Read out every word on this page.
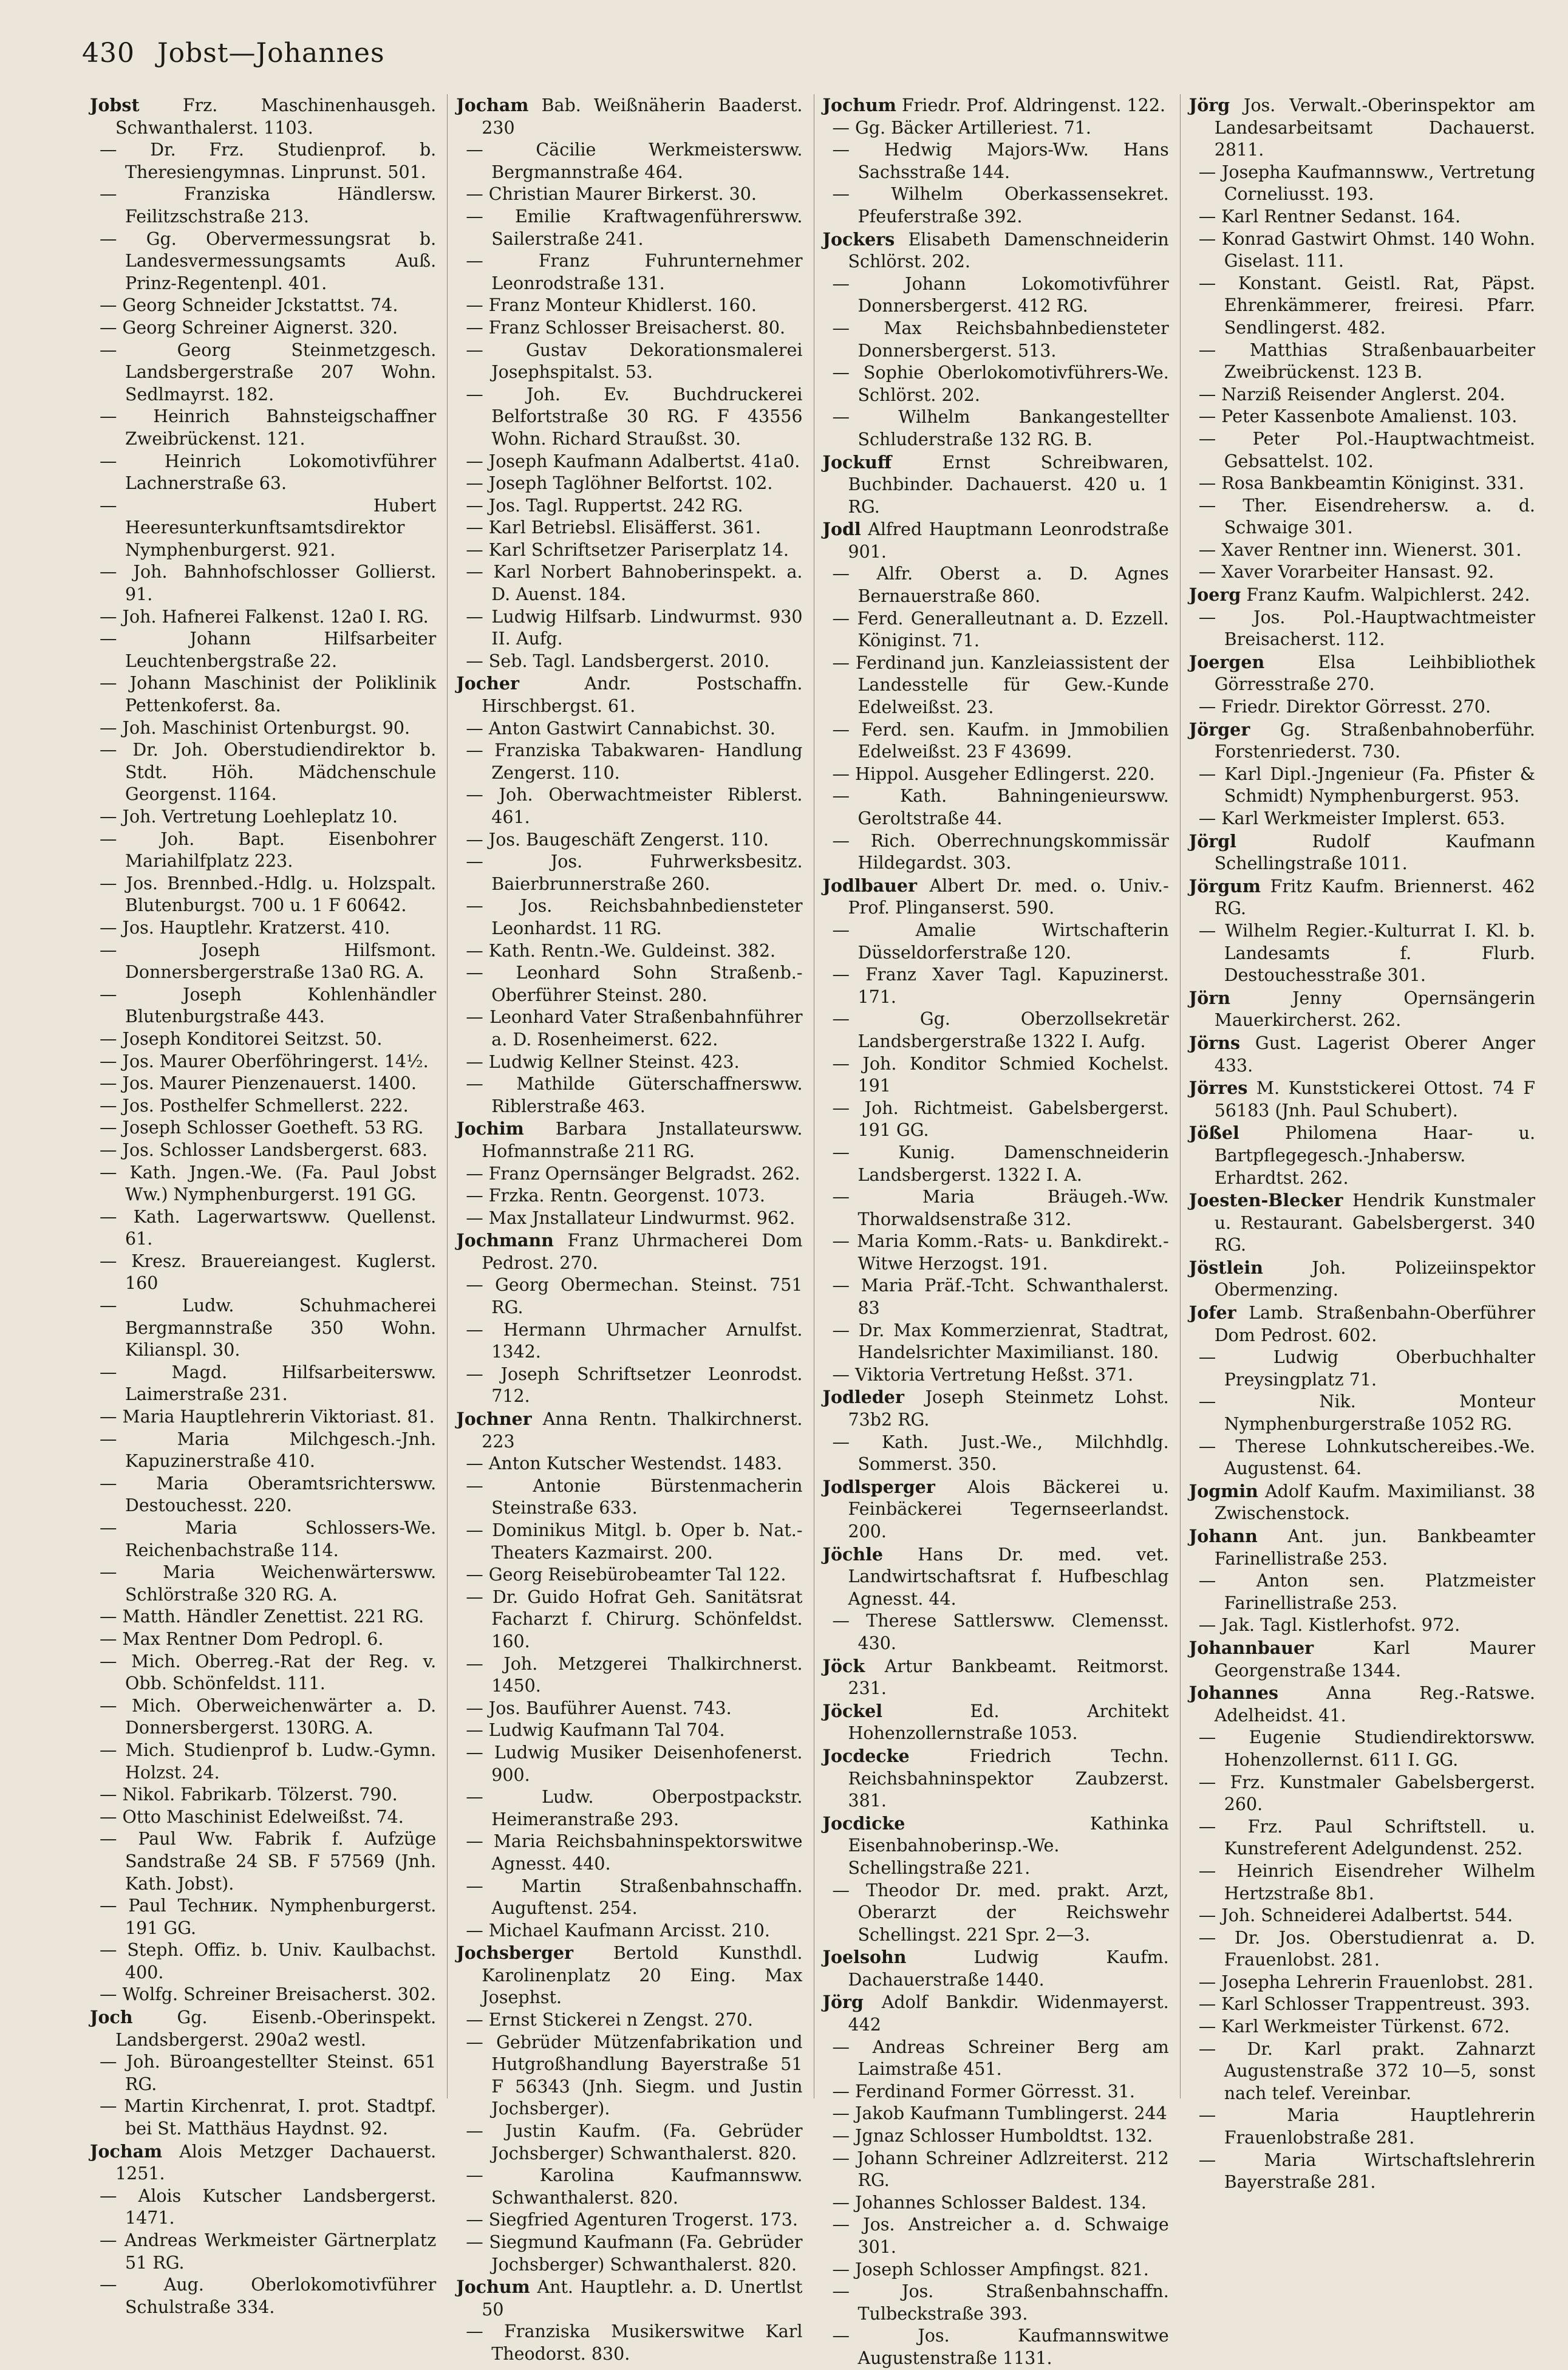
430 Jobst—Johannes

Jobst Frz. Maschinenhausgeh. Schwanthalerst. 1103.

— Dr. Frz. Studienprof. b. Theresiengymnas. Linprunst. 501.

— Franziska Händlersw. Feilitzschstraße 213.

— Gg. Obervermessungsrat b. Landesvermessungsamts Auß. Prinz-Regentenpl. 401.

— Georg Schneider Jckstattst. 74.

— Georg Schreiner Aignerst. 320.

— Georg Steinmetzgesch. Landsbergerstraße 207 Wohn. Sedlmayrst. 182.

— Heinrich Bahnsteigschaffner Zweibrückenst. 121.

— Heinrich Lokomotivführer Lachnerstraße 63.

— Hubert Heeresunterkunftsamtsdirektor Nymphenburgerst. 921.

— Joh. Bahnhofschlosser Gollierst. 91.

— Joh. Hafnerei Falkenst. 12a0 I. RG.

— Johann Hilfsarbeiter Leuchtenbergstraße 22.

— Johann Maschinist der Poliklinik Pettenkoferst. 8a.

— Joh. Maschinist Ortenburgst. 90.

— Dr. Joh. Oberstudiendirektor b. Stdt. Höh. Mädchenschule Georgenst. 1164.

— Joh. Vertretung Loehleplatz 10.

— Joh. Bapt. Eisenbohrer Mariahilfplatz 223.

— Jos. Brennbed.-Hdlg. u. Holzspalt. Blutenburgst. 700 u. 1 F 60642.

— Jos. Hauptlehr. Kratzerst. 410.

— Joseph Hilfsmont. Donnersbergerstraße 13a0 RG. A.

— Joseph Kohlenhändler Blutenburgstraße 443.

— Joseph Konditorei Seitzst. 50.

— Jos. Maurer Oberföhringerst. 14½.

— Jos. Maurer Pienzenauerst. 1400.

— Jos. Posthelfer Schmellerst. 222.

— Joseph Schlosser Goetheft. 53 RG.

— Jos. Schlosser Landsbergerst. 683.

— Kath. Jngen.-We. (Fa. Paul Jobst Ww.) Nymphenburgerst. 191 GG.

— Kath. Lagerwartsww. Quellenst. 61.

— Kresz. Brauereiangest. Kuglerst. 160

— Ludw. Schuhmacherei Bergmannstraße 350 Wohn. Kilianspl. 30.

— Magd. Hilfsarbeitersww. Laimerstraße 231.

— Maria Hauptlehrerin Viktoriast. 81.

— Maria Milchgesch.-Jnh. Kapuzinerstraße 410.

— Maria Oberamtsrichtersww. Destouchesst. 220.

— Maria Schlossers-We. Reichenbachstraße 114.

— Maria Weichenwärtersww. Schlörstraße 320 RG. A.

— Matth. Händler Zenettist. 221 RG.

— Max Rentner Dom Pedropl. 6.

— Mich. Oberreg.-Rat der Reg. v. Obb. Schönfeldst. 111.

— Mich. Oberweichenwärter a. D. Donnersbergerst. 130RG. A.

— Mich. Studienprof b. Ludw.-Gymn. Holzst. 24.

— Nikol. Fabrikarb. Tölzerst. 790.

— Otto Maschinist Edelweißst. 74.

— Paul Ww. Fabrik f. Aufzüge Sandstraße 24 SB. F 57569 (Jnh. Kath. Jobst).

— Paul Techник. Nymphenburgerst. 191 GG.

— Steph. Offiz. b. Univ. Kaulbachst. 400.

— Wolfg. Schreiner Breisacherst. 302.

Joch Gg. Eisenb.-Oberinspekt. Landsbergerst. 290a2 westl.

— Joh. Büroangestellter Steinst. 651 RG.

— Martin Kirchenrat, I. prot. Stadtpf. bei St. Matthäus Haydnst. 92.

Jocham Alois Metzger Dachauerst. 1251.

— Alois Kutscher Landsbergerst. 1471.

— Andreas Werkmeister Gärtnerplatz 51 RG.

— Aug. Oberlokomotivführer Schulstraße 334.

Jocham Bab. Weißnäherin Baaderst. 230

— Cäcilie Werkmeistersww. Bergmannstraße 464.

— Christian Maurer Birkerst. 30.

— Emilie Kraftwagenführersww. Sailerstraße 241.

— Franz Fuhrunternehmer Leonrodstraße 131.

— Franz Monteur Khidlerst. 160.

— Franz Schlosser Breisacherst. 80.

— Gustav Dekorationsmalerei Josephspitalst. 53.

— Joh. Ev. Buchdruckerei Belfortstraße 30 RG. F 43556 Wohn. Richard Straußst. 30.

— Joseph Kaufmann Adalbertst. 41a0.

— Joseph Taglöhner Belfortst. 102.

— Jos. Tagl. Ruppertst. 242 RG.

— Karl Betriebsl. Elisäfferst. 361.

— Karl Schriftsetzer Pariserplatz 14.

— Karl Norbert Bahnoberinspekt. a. D. Auenst. 184.

— Ludwig Hilfsarb. Lindwurmst. 930 II. Aufg.

— Seb. Tagl. Landsbergerst. 2010.

Jocher Andr. Postschaffn. Hirschbergst. 61.

— Anton Gastwirt Cannabichst. 30.

— Franziska Tabakwaren- Handlung Zengerst. 110.

— Joh. Oberwachtmeister Riblerst. 461.

— Jos. Baugeschäft Zengerst. 110.

— Jos. Fuhrwerksbesitz. Baierbrunnerstraße 260.

— Jos. Reichsbahnbediensteter Leonhardst. 11 RG.

— Kath. Rentn.-We. Guldeinst. 382.

— Leonhard Sohn Straßenb.-Oberführer Steinst. 280.

— Leonhard Vater Straßenbahnführer a. D. Rosenheimerst. 622.

— Ludwig Kellner Steinst. 423.

— Mathilde Güterschaffnersww. Riblerstraße 463.

Jochim Barbara Jnstallateursww. Hofmannstraße 211 RG.

— Franz Opernsänger Belgradst. 262.

— Frzka. Rentn. Georgenst. 1073.

— Max Jnstallateur Lindwurmst. 962.

Jochmann Franz Uhrmacherei Dom Pedrost. 270.

— Georg Obermechan. Steinst. 751 RG.

— Hermann Uhrmacher Arnulfst. 1342.

— Joseph Schriftsetzer Leonrodst. 712.

Jochner Anna Rentn. Thalkirchnerst. 223

— Anton Kutscher Westendst. 1483.

— Antonie Bürstenmacherin Steinstraße 633.

— Dominikus Mitgl. b. Oper b. Nat.-Theaters Kazmairst. 200.

— Georg Reisebürobeamter Tal 122.

— Dr. Guido Hofrat Geh. Sanitätsrat Facharzt f. Chirurg. Schönfeldst. 160.

— Joh. Metzgerei Thalkirchnerst. 1450.

— Jos. Bauführer Auenst. 743.

— Ludwig Kaufmann Tal 704.

— Ludwig Musiker Deisenhofenerst. 900.

— Ludw. Oberpostpackstr. Heimeranstraße 293.

— Maria Reichsbahninspektorswitwe Agnesst. 440.

— Martin Straßenbahnschaffn. Auguftenst. 254.

— Michael Kaufmann Arcisst. 210.

Jochsberger Bertold Kunsthdl. Karolinenplatz 20 Eing. Max Josephst.

— Ernst Stickerei n Zengst. 270.

— Gebrüder Mützenfabrikation und Hutgroßhandlung Bayerstraße 51 F 56343 (Jnh. Siegm. und Justin Jochsberger).

— Justin Kaufm. (Fa. Gebrüder Jochsberger) Schwanthalerst. 820.

— Karolina Kaufmannsww. Schwanthalerst. 820.

— Siegfried Agenturen Trogerst. 173.

— Siegmund Kaufmann (Fa. Gebrüder Jochsberger) Schwanthalerst. 820.

Jochum Ant. Hauptlehr. a. D. Unertlst 50

— Franziska Musikerswitwe Karl Theodorst. 830.

Jochum Friedr. Prof. Aldringenst. 122.

— Gg. Bäcker Artilleriest. 71.

— Hedwig Majors-Ww. Hans Sachsstraße 144.

— Wilhelm Oberkassensekret. Pfeuferstraße 392.

Jockers Elisabeth Damenschneiderin Schlörst. 202.

— Johann Lokomotivführer Donnersbergerst. 412 RG.

— Max Reichsbahnbediensteter Donnersbergerst. 513.

— Sophie Oberlokomotivführers-We. Schlörst. 202.

— Wilhelm Bankangestellter Schluderstraße 132 RG. B.

Jockuff Ernst Schreibwaren, Buchbinder. Dachauerst. 420 u. 1 RG.

Jodl Alfred Hauptmann Leonrodstraße 901.

— Alfr. Oberst a. D. Agnes Bernauerstraße 860.

— Ferd. Generalleutnant a. D. Ezzell. Königinst. 71.

— Ferdinand jun. Kanzleiassistent der Landesstelle für Gew.-Kunde Edelweißst. 23.

— Ferd. sen. Kaufm. in Jmmobilien Edelweißst. 23 F 43699.

— Hippol. Ausgeher Edlingerst. 220.

— Kath. Bahningenieursww. Geroltstraße 44.

— Rich. Oberrechnungskommissär Hildegardst. 303.

Jodlbauer Albert Dr. med. o. Univ.-Prof. Plinganserst. 590.

— Amalie Wirtschafterin Düsseldorferstraße 120.

— Franz Xaver Tagl. Kapuzinerst. 171.

— Gg. Oberzollsekretär Landsbergerstraße 1322 I. Aufg.

— Joh. Konditor Schmied Kochelst. 191

— Joh. Richtmeist. Gabelsbergerst. 191 GG.

— Kunig. Damenschneiderin Landsbergerst. 1322 I. A.

— Maria Bräugeh.-Ww. Thorwaldsenstraße 312.

— Maria Komm.-Rats- u. Bankdirekt.-Witwe Herzogst. 191.

— Maria Präf.-Tcht. Schwanthalerst. 83

— Dr. Max Kommerzienrat, Stadtrat, Handelsrichter Maximilianst. 180.

— Viktoria Vertretung Heßst. 371.

Jodleder Joseph Steinmetz Lohst. 73b2 RG.

— Kath. Just.-We., Milchhdlg. Sommerst. 350.

Jodlsperger Alois Bäckerei u. Feinbäckerei Tegernseerlandst. 200.

Jöchle Hans Dr. med. vet. Landwirtschaftsrat f. Hufbeschlag Agnesst. 44.

— Therese Sattlersww. Clemensst. 430.

Jöck Artur Bankbeamt. Reitmorst. 231.

Jöckel Ed. Architekt Hohenzollernstraße 1053.

Jocdecke Friedrich Techn. Reichsbahninspektor Zaubzerst. 381.

Jocdicke Kathinka Eisenbahnoberinsp.-We. Schellingstraße 221.

— Theodor Dr. med. prakt. Arzt, Oberarzt der Reichswehr Schellingst. 221 Spr. 2—3.

Joelsohn Ludwig Kaufm. Dachauerstraße 1440.

Jörg Adolf Bankdir. Widenmayerst. 442

— Andreas Schreiner Berg am Laimstraße 451.

— Ferdinand Former Görresst. 31.

— Jakob Kaufmann Tumblingerst. 244

— Jgnaz Schlosser Humboldtst. 132.

— Johann Schreiner Adlzreiterst. 212 RG.

— Johannes Schlosser Baldest. 134.

— Jos. Anstreicher a. d. Schwaige 301.

— Joseph Schlosser Ampfingst. 821.

— Jos. Straßenbahnschaffn. Tulbeckstraße 393.

— Jos. Kaufmannswitwe Augustenstraße 1131.

Jörg Jos. Verwalt.-Oberinspektor am Landesarbeitsamt Dachauerst. 2811.

— Josepha Kaufmannsww., Vertretung Corneliusst. 193.

— Karl Rentner Sedanst. 164.

— Konrad Gastwirt Ohmst. 140 Wohn. Giselast. 111.

— Konstant. Geistl. Rat, Päpst. Ehrenkämmerer, freiresi. Pfarr. Sendlingerst. 482.

— Matthias Straßenbauarbeiter Zweibrückenst. 123 B.

— Narziß Reisender Anglerst. 204.

— Peter Kassenbote Amalienst. 103.

— Peter Pol.-Hauptwachtmeist. Gebsattelst. 102.

— Rosa Bankbeamtin Königinst. 331.

— Ther. Eisendrehersw. a. d. Schwaige 301.

— Xaver Rentner inn. Wienerst. 301.

— Xaver Vorarbeiter Hansast. 92.

Joerg Franz Kaufm. Walpichlerst. 242.

— Jos. Pol.-Hauptwachtmeister Breisacherst. 112.

Joergen Elsa Leihbibliothek Görresstraße 270.

— Friedr. Direktor Görresst. 270.

Jörger Gg. Straßenbahnoberführ. Forstenriederst. 730.

— Karl Dipl.-Jngenieur (Fa. Pfister & Schmidt) Nymphenburgerst. 953.

— Karl Werkmeister Implerst. 653.

Jörgl Rudolf Kaufmann Schellingstraße 1011.

Jörgum Fritz Kaufm. Briennerst. 462 RG.

— Wilhelm Regier.-Kulturrat I. Kl. b. Landesamts f. Flurb. Destouchesstraße 301.

Jörn Jenny Opernsängerin Mauerkircherst. 262.

Jörns Gust. Lagerist Oberer Anger 433.

Jörres M. Kunststickerei Ottost. 74 F 56183 (Jnh. Paul Schubert).

Jößel Philomena Haar- u. Bartpflegegesch.-Jnhabersw. Erhardtst. 262.

Joesten-Blecker Hendrik Kunstmaler u. Restaurant. Gabelsbergerst. 340 RG.

Jöstlein Joh. Polizeiinspektor Obermenzing.

Jofer Lamb. Straßenbahn-Oberführer Dom Pedrost. 602.

— Ludwig Oberbuchhalter Preysingplatz 71.

— Nik. Monteur Nymphenburgerstraße 1052 RG.

— Therese Lohnkutschereibes.-We. Augustenst. 64.

Jogmin Adolf Kaufm. Maximilianst. 38 Zwischenstock.

Johann Ant. jun. Bankbeamter Farinellistraße 253.

— Anton sen. Platzmeister Farinellistraße 253.

— Jak. Tagl. Kistlerhofst. 972.

Johannbauer Karl Maurer Georgenstraße 1344.

Johannes Anna Reg.-Ratswe. Adelheidst. 41.

— Eugenie Studiendirektorsww. Hohenzollernst. 611 I. GG.

— Frz. Kunstmaler Gabelsbergerst. 260.

— Frz. Paul Schriftstell. u. Kunstreferent Adelgundenst. 252.

— Heinrich Eisendreher Wilhelm Hertzstraße 8b1.

— Joh. Schneiderei Adalbertst. 544.

— Dr. Jos. Oberstudienrat a. D. Frauenlobst. 281.

— Josepha Lehrerin Frauenlobst. 281.

— Karl Schlosser Trappentreust. 393.

— Karl Werkmeister Türkenst. 672.

— Dr. Karl prakt. Zahnarzt Augustenstraße 372 10—5, sonst nach telef. Vereinbar.

— Maria Hauptlehrerin Frauenlobstraße 281.

— Maria Wirtschaftslehrerin Bayerstraße 281.
